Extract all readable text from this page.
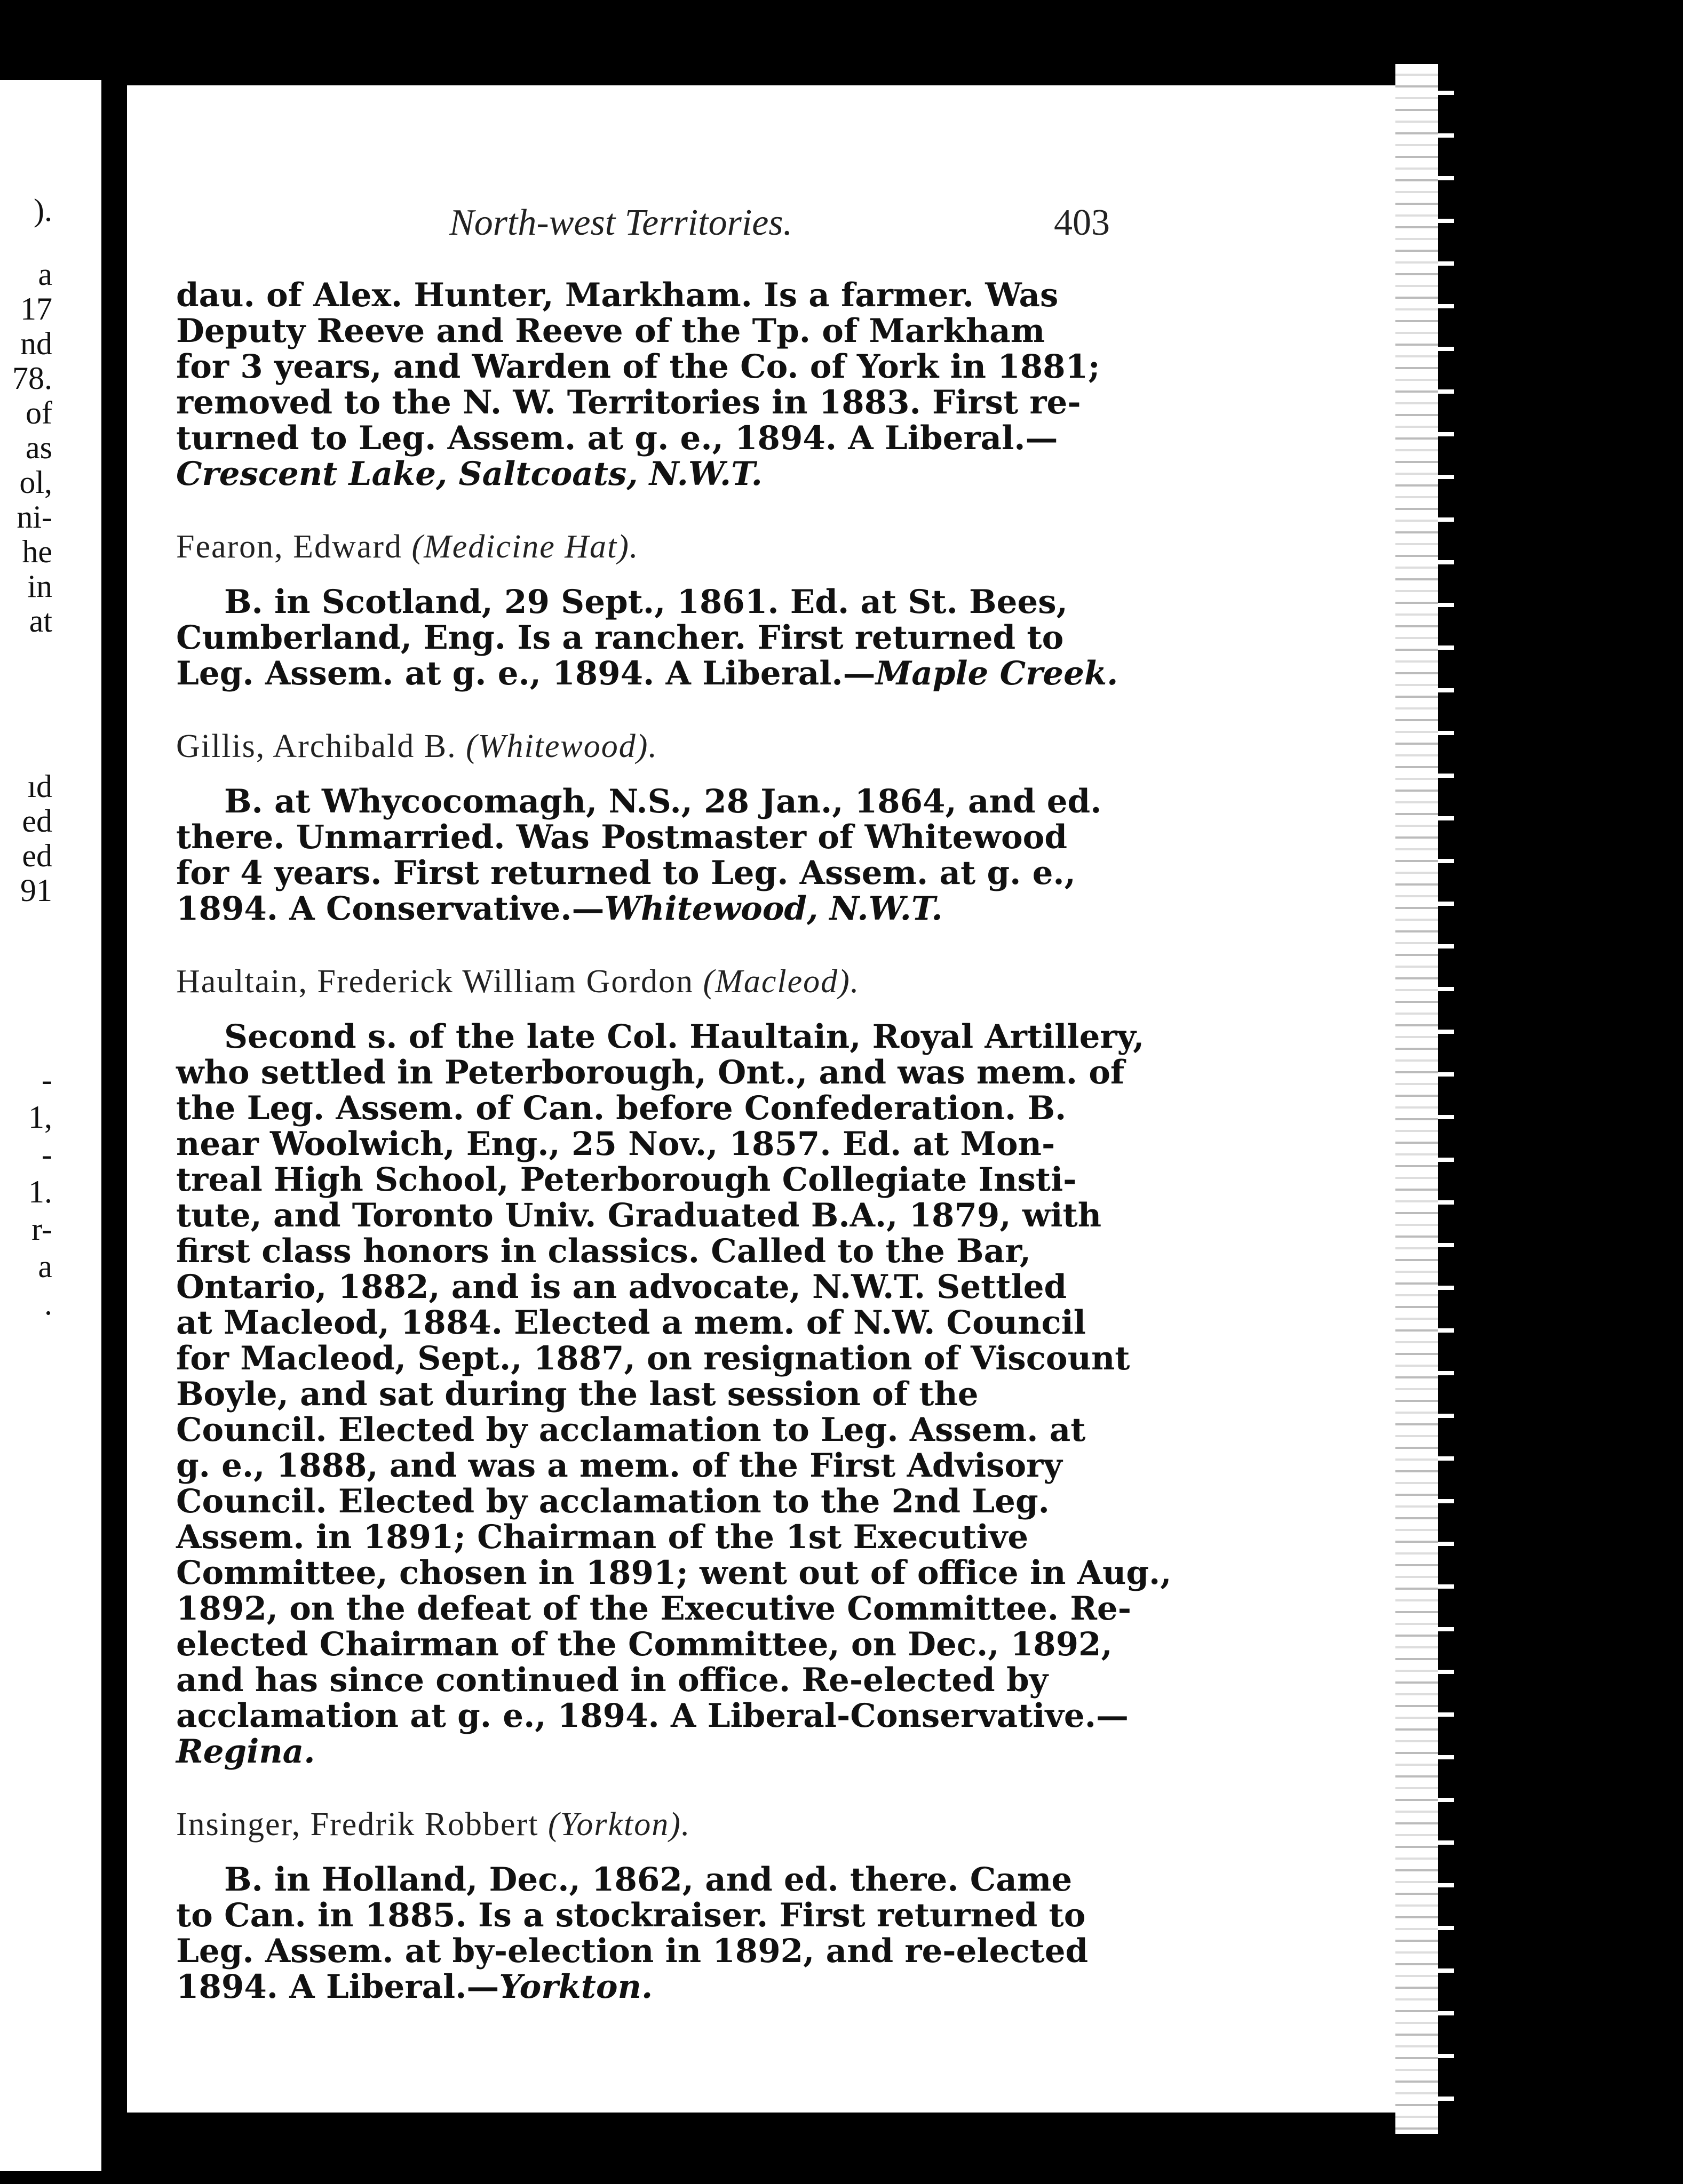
).
a
17
nd
78.
of
as
ol,
ni-
he
in
at
ıd
ed
ed
91
-
1,
-
1.
r-
a
.
North-west Territories.	403
dau. of Alex. Hunter, Markham. Is a farmer. Was
Deputy Reeve and Reeve of the Tp. of Markham
for 3 years, and Warden of the Co. of York in 1881;
removed to the N. W. Territories in 1883. First re-
turned to Leg. Assem. at g. e., 1894. A Liberal.—
Crescent Lake, Saltcoats, N.W.T.
Fearon, Edward (Medicine Hat).
B. in Scotland, 29 Sept., 1861. Ed. at St. Bees,
Cumberland, Eng. Is a rancher. First returned to
Leg. Assem. at g. e., 1894. A Liberal.—Maple Creek.
Gillis, Archibald B. (Whitewood).
B. at Whycocomagh, N.S., 28 Jan., 1864, and ed.
there. Unmarried. Was Postmaster of Whitewood
for 4 years. First returned to Leg. Assem. at g. e.,
1894. A Conservative.—Whitewood, N.W.T.
Haultain, Frederick William Gordon (Macleod).
Second s. of the late Col. Haultain, Royal Artillery,
who settled in Peterborough, Ont., and was mem. of
the Leg. Assem. of Can. before Confederation. B.
near Woolwich, Eng., 25 Nov., 1857. Ed. at Mon-
treal High School, Peterborough Collegiate Insti-
tute, and Toronto Univ. Graduated B.A., 1879, with
first class honors in classics. Called to the Bar,
Ontario, 1882, and is an advocate, N.W.T. Settled
at Macleod, 1884. Elected a mem. of N.W. Council
for Macleod, Sept., 1887, on resignation of Viscount
Boyle, and sat during the last session of the
Council. Elected by acclamation to Leg. Assem. at
g. e., 1888, and was a mem. of the First Advisory
Council. Elected by acclamation to the 2nd Leg.
Assem. in 1891; Chairman of the 1st Executive
Committee, chosen in 1891; went out of office in Aug.,
1892, on the defeat of the Executive Committee. Re-
elected Chairman of the Committee, on Dec., 1892,
and has since continued in office. Re-elected by
acclamation at g. e., 1894. A Liberal-Conservative.—
Regina.
Insinger, Fredrik Robbert (Yorkton).
B. in Holland, Dec., 1862, and ed. there. Came
to Can. in 1885. Is a stockraiser. First returned to
Leg. Assem. at by-election in 1892, and re-elected
1894. A Liberal.—Yorkton.
